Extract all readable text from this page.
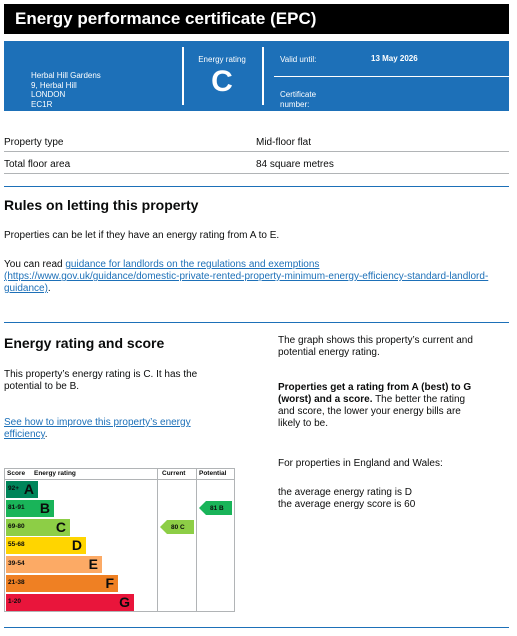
Energy performance certificate (EPC)
Herbal Hill Gardens
9, Herbal Hill
LONDON
EC1R
Energy rating
C
Valid until:	13 May 2026
Certificate
number:
Property type	Mid-floor flat
Total floor area	84 square metres
Rules on letting this property
Properties can be let if they have an energy rating from A to E.
You can read guidance for landlords on the regulations and exemptions
(https://www.gov.uk/guidance/domestic-private-rented-property-minimum-energy-efficiency-standard-landlord-
guidance).
Energy rating and score
This property’s energy rating is C. It has the
potential to be B.
See how to improve this property’s energy
efficiency.
The graph shows this property’s current and
potential energy rating.
Properties get a rating from A (best) to G
(worst) and a score. The better the rating
and score, the lower your energy bills are
likely to be.
For properties in England and Wales:
the average energy rating is D
the average energy score is 60
Score Energy rating	Current Potential
92+ A
81-91 B
69-80 C
55-68	D
39-54	E
21-38	F
1-20	G
80 C
81 B
